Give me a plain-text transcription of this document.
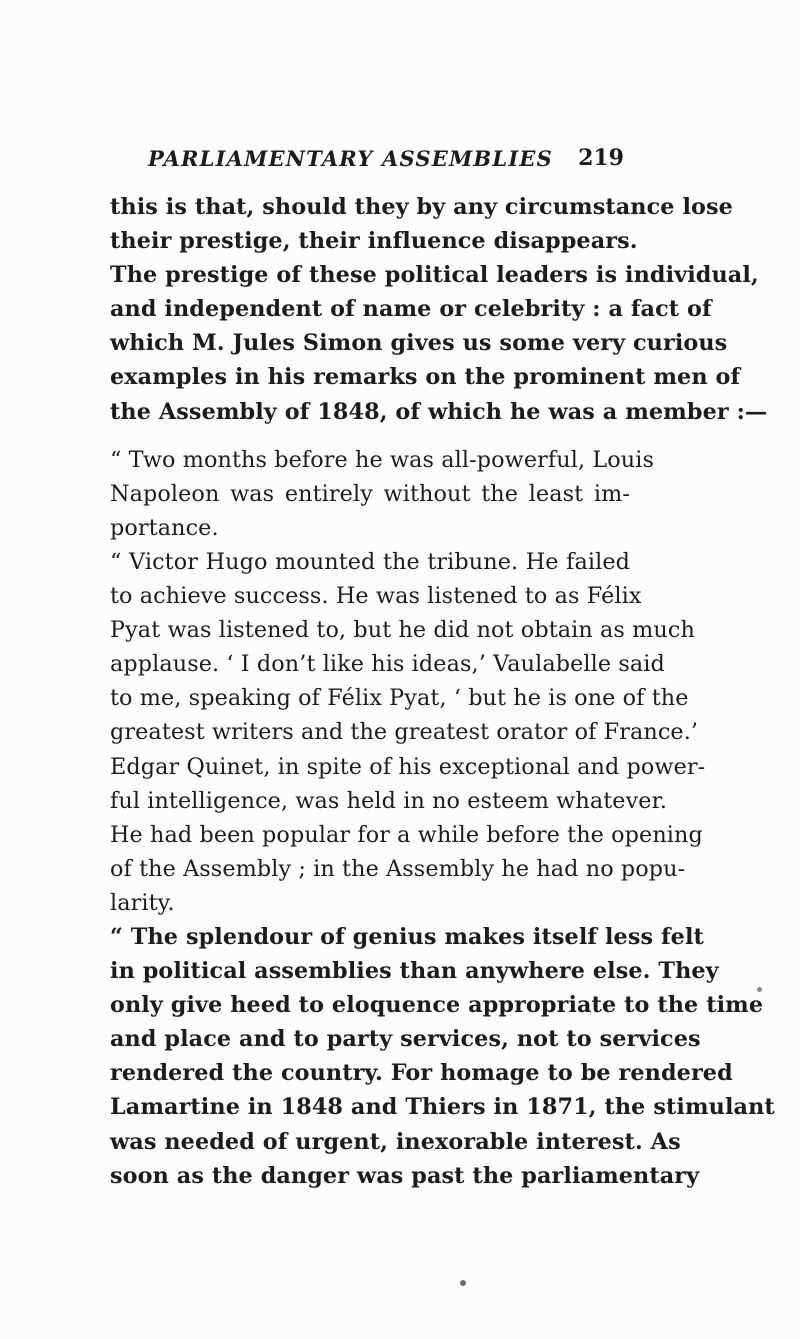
PARLIAMENTARY ASSEMBLIES 219
this is that, should they by any circumstance lose
their prestige, their influence disappears.
The prestige of these political leaders is individual,
and independent of name or celebrity : a fact of
which M. Jules Simon gives us some very curious
examples in his remarks on the prominent men of
the Assembly of 1848, of which he was a member :—
“ Two months before he was all-powerful, Louis
Napoleon was entirely without the least im-
portance.
“ Victor Hugo mounted the tribune. He failed
to achieve success. He was listened to as Félix
Pyat was listened to, but he did not obtain as much
applause. ‘ I don’t like his ideas,’ Vaulabelle said
to me, speaking of Félix Pyat, ‘ but he is one of the
greatest writers and the greatest orator of France.’
Edgar Quinet, in spite of his exceptional and power-
ful intelligence, was held in no esteem whatever.
He had been popular for a while before the opening
of the Assembly ; in the Assembly he had no popu-
larity.
“ The splendour of genius makes itself less felt
in political assemblies than anywhere else. They
only give heed to eloquence appropriate to the time
and place and to party services, not to services
rendered the country. For homage to be rendered
Lamartine in 1848 and Thiers in 1871, the stimulant
was needed of urgent, inexorable interest. As
soon as the danger was past the parliamentary
